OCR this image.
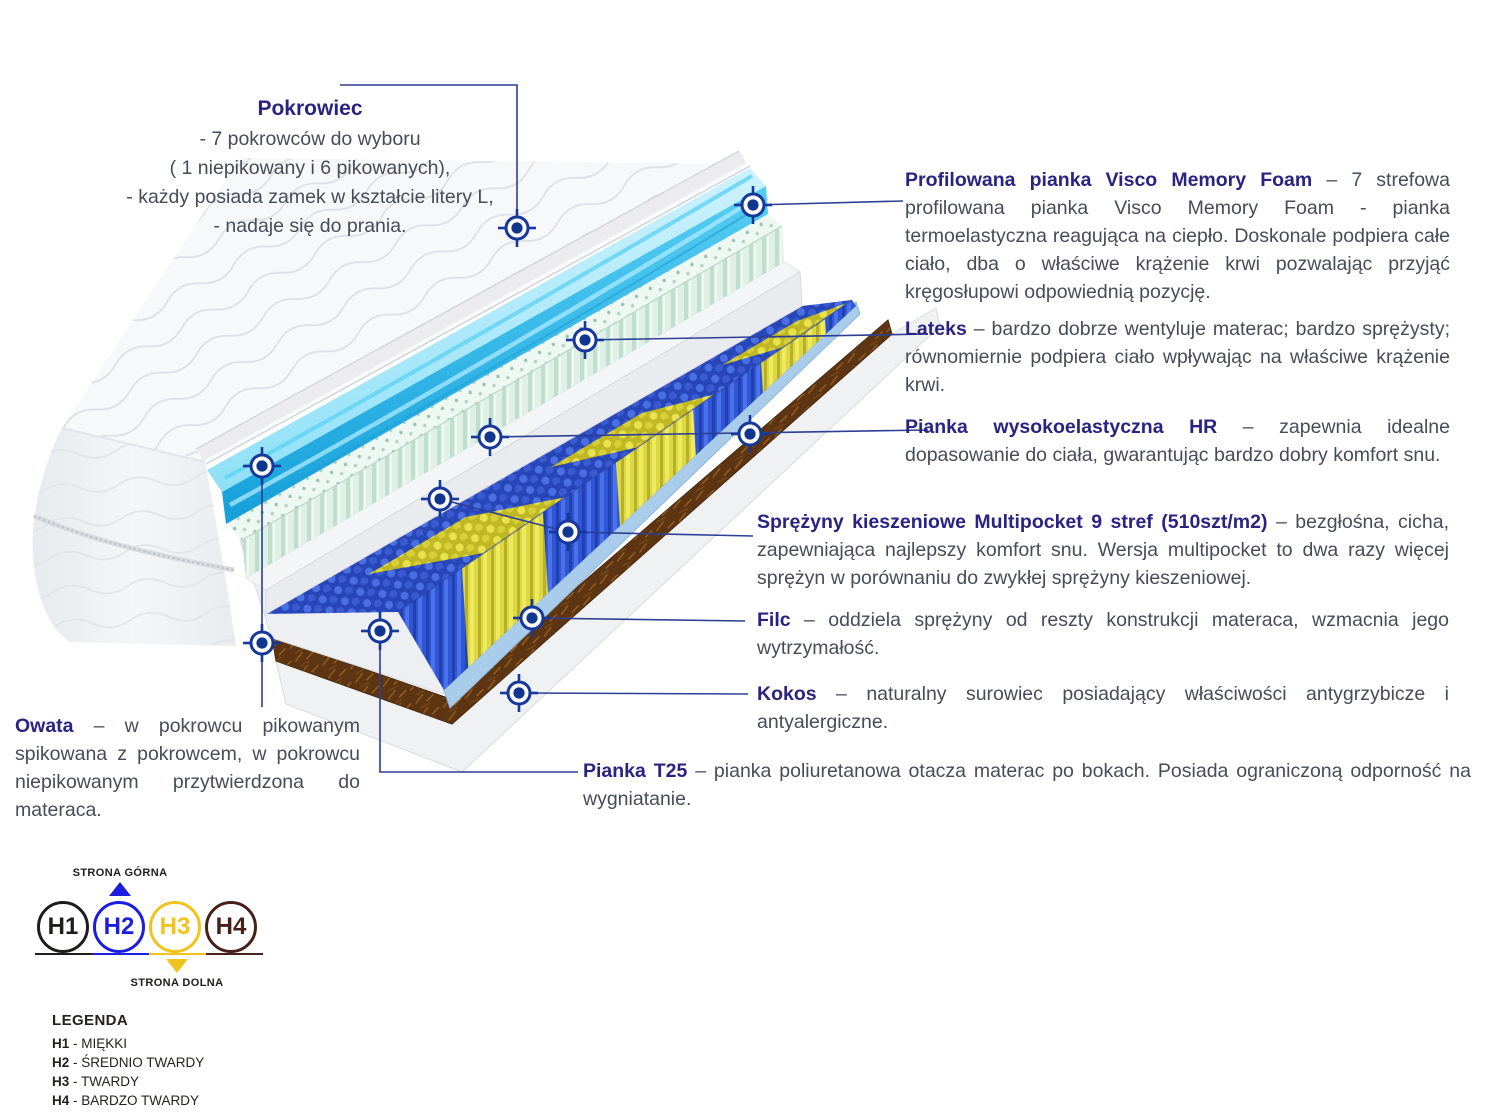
Pokrowiec
- 7 pokrowców do wyboru
( 1 niepikowany i 6 pikowanych),
- każdy posiada zamek w kształcie litery L,
- nadaje się do prania.
Profilowana pianka Visco Memory Foam – 7 strefowa profilowana pianka Visco Memory Foam - pianka termoelastyczna reagująca na ciepło. Doskonale podpiera całe ciało, dba o właściwe krążenie krwi pozwalając przyjąć kręgosłupowi odpowiednią pozycję.
Lateks – bardzo dobrze wentyluje materac; bardzo sprężysty; równomiernie podpiera ciało wpływając na właściwe krążenie krwi.
Pianka wysokoelastyczna HR – zapewnia idealne dopasowanie do ciała, gwarantując bardzo dobry komfort snu.
Sprężyny kieszeniowe Multipocket 9 stref (510szt/m2) – bezgłośna, cicha, zapewniająca najlepszy komfort snu. Wersja multipocket to dwa razy więcej sprężyn w porównaniu do zwykłej sprężyny kieszeniowej.
Filc – oddziela sprężyny od reszty konstrukcji materaca, wzmacnia jego wytrzymałość.
Kokos – naturalny surowiec posiadający właściwości antygrzybicze i antyalergiczne.
Pianka T25 – pianka poliuretanowa otacza materac po bokach. Posiada ograniczoną odporność na wygniatanie.
Owata – w pokrowcu pikowanym spikowana z pokrowcem, w pokrowcu niepikowanym przytwierdzona do materaca.
STRONA GÓRNA
H1	H2	H3	H4
STRONA DOLNA
LEGENDA
H1 - MIĘKKI
H2 - ŚREDNIO TWARDY
H3 - TWARDY
H4 - BARDZO TWARDY
